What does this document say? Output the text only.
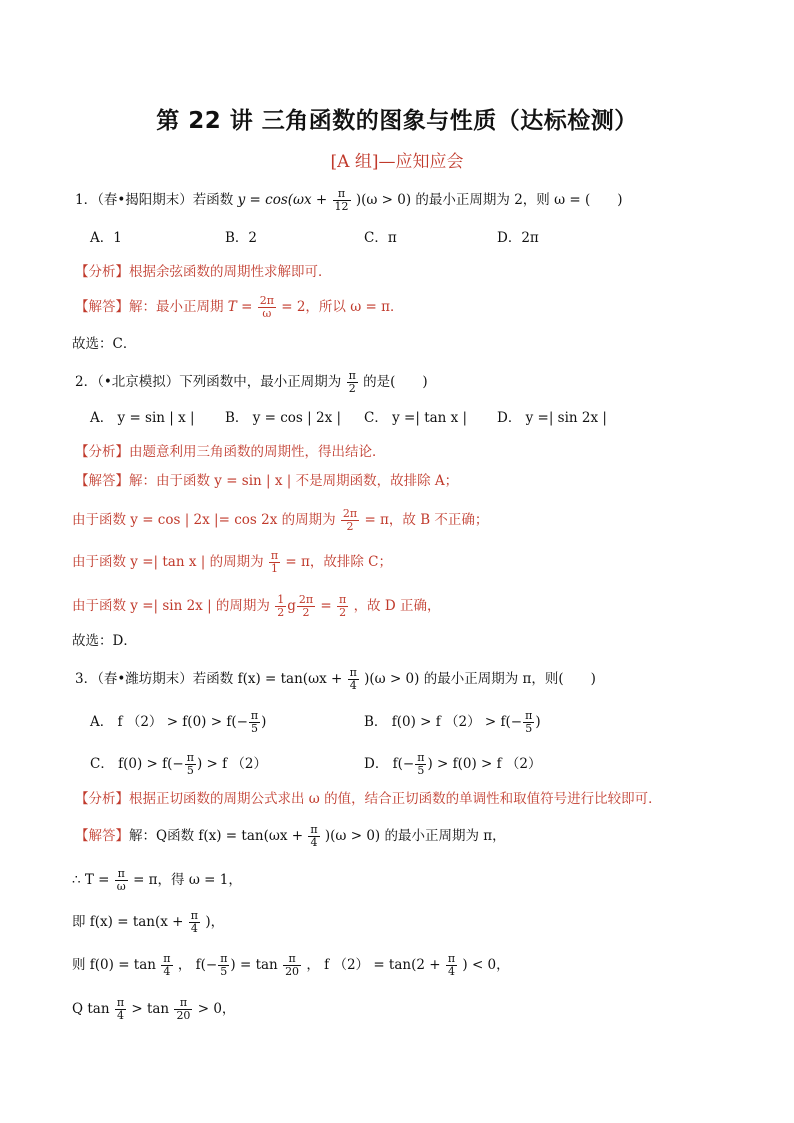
第 22 讲 三角函数的图象与性质（达标检测）
[A 组]—应知应会
1．（春•揭阳期末）若函数 $y = \cos(\omega x + \frac{\pi}{12} )(\omega > 0)$ 的最小正周期为 2，则 ω = (　　)
A．1	B．2	C．π	D．2π
【分析】根据余弦函数的周期性求解即可．
【解答】解：最小正周期 $T = \frac{2\pi}{\omega} = 2$，所以 ω = π．
故选：C．
2．（•北京模拟）下列函数中，最小正周期为 $\frac{\pi}{2}$ 的是(　　)
A． y = sin | x | B． y = cos | 2x | C． y =| tan x | D． y =| sin 2x |
【分析】由题意利用三角函数的周期性，得出结论．
【解答】解：由于函数 y = sin | x | 不是周期函数，故排除 A；
由于函数 y = cos | 2x |= cos 2x 的周期为 $\frac{2\pi}{2} = \pi$，故 B 不正确；
由于函数 y =| tan x | 的周期为 $\frac{\pi}{1} = \pi$，故排除 C；
由于函数 y =| sin 2x | 的周期为 $\frac{1}{2}$ g $\frac{2\pi}{2} = \frac{\pi}{2}$ ，故 D 正确，
故选：D．
3．（春•潍坊期末）若函数 $f(x) = \tan(\omega x + \frac{\pi}{4} )(\omega > 0)$ 的最小正周期为 π，则(　　)
A． f $(2) > f(0) > f(- \frac{\pi}{5}$ )	B． f(0) > f $(2) > f(- \frac{\pi}{5}$ )
C． $f(0) > f(- \frac{\pi}{5}$ ) > f （2）	D． $f(- \frac{\pi}{5}$ ) > f(0) > f （2）
【分析】根据正切函数的周期公式求出 ω 的值，结合正切函数的单调性和取值符号进行比较即可．
【解答】解：Q函数 $f(x) = \tan(\omega x + \frac{\pi}{4} )(\omega > 0)$ 的最小正周期为 π，
∴ $T = \frac{\pi}{\omega} = \pi$，得 ω = 1，
即 $f(x) = \tan(x + \frac{\pi}{4}$ )，
则 $f(0) = \tan \frac{\pi}{4}$ ， $f(- \frac{\pi}{5}$ ) = $\tan \frac{\pi}{20}$ ， f $(2) = \tan(2 + \frac{\pi}{4}$ ) < 0，
Q $\tan \frac{\pi}{4} > \tan \frac{\pi}{20} > 0$，
